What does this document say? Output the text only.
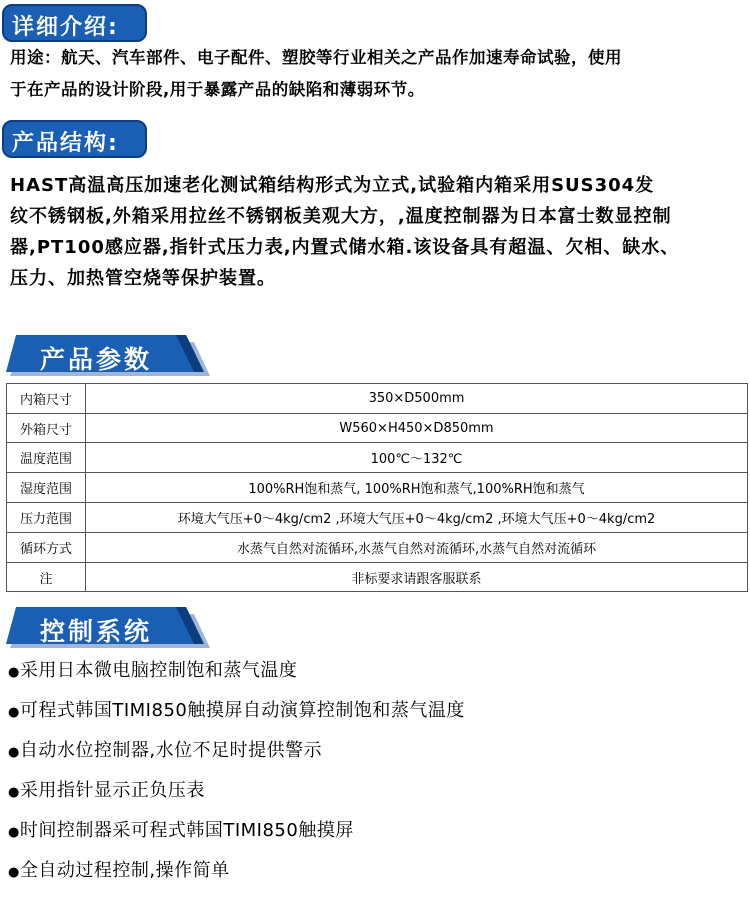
详细介绍:
用途：航天、汽车部件、电子配件、塑胶等行业相关之产品作加速寿命试验，使用
于在产品的设计阶段,用于暴露产品的缺陷和薄弱环节。
产品结构:
HAST高温高压加速老化测试箱结构形式为立式,试验箱内箱采用SUS304发
纹不锈钢板,外箱采用拉丝不锈钢板美观大方，,温度控制器为日本富士数显控制
器,PT100感应器,指针式压力表,内置式储水箱.该设备具有超温、欠相、缺水、
压力、加热管空烧等保护装置。
产品参数
内箱尺寸	350×D500mm
外箱尺寸	W560×H450×D850mm
温度范围	100℃～132℃
湿度范围	100%RH饱和蒸气, 100%RH饱和蒸气,100%RH饱和蒸气
压力范围	环境大气压+0～4kg/cm2 ,环境大气压+0～4kg/cm2 ,环境大气压+0～4kg/cm2
循环方式	水蒸气自然对流循环,水蒸气自然对流循环,水蒸气自然对流循环
注	非标要求请跟客服联系
控制系统
●采用日本微电脑控制饱和蒸气温度
●可程式韩国TIMI850触摸屏自动演算控制饱和蒸气温度
●自动水位控制器,水位不足时提供警示
●采用指针显示正负压表
●时间控制器采可程式韩国TIMI850触摸屏
●全自动过程控制,操作简单
